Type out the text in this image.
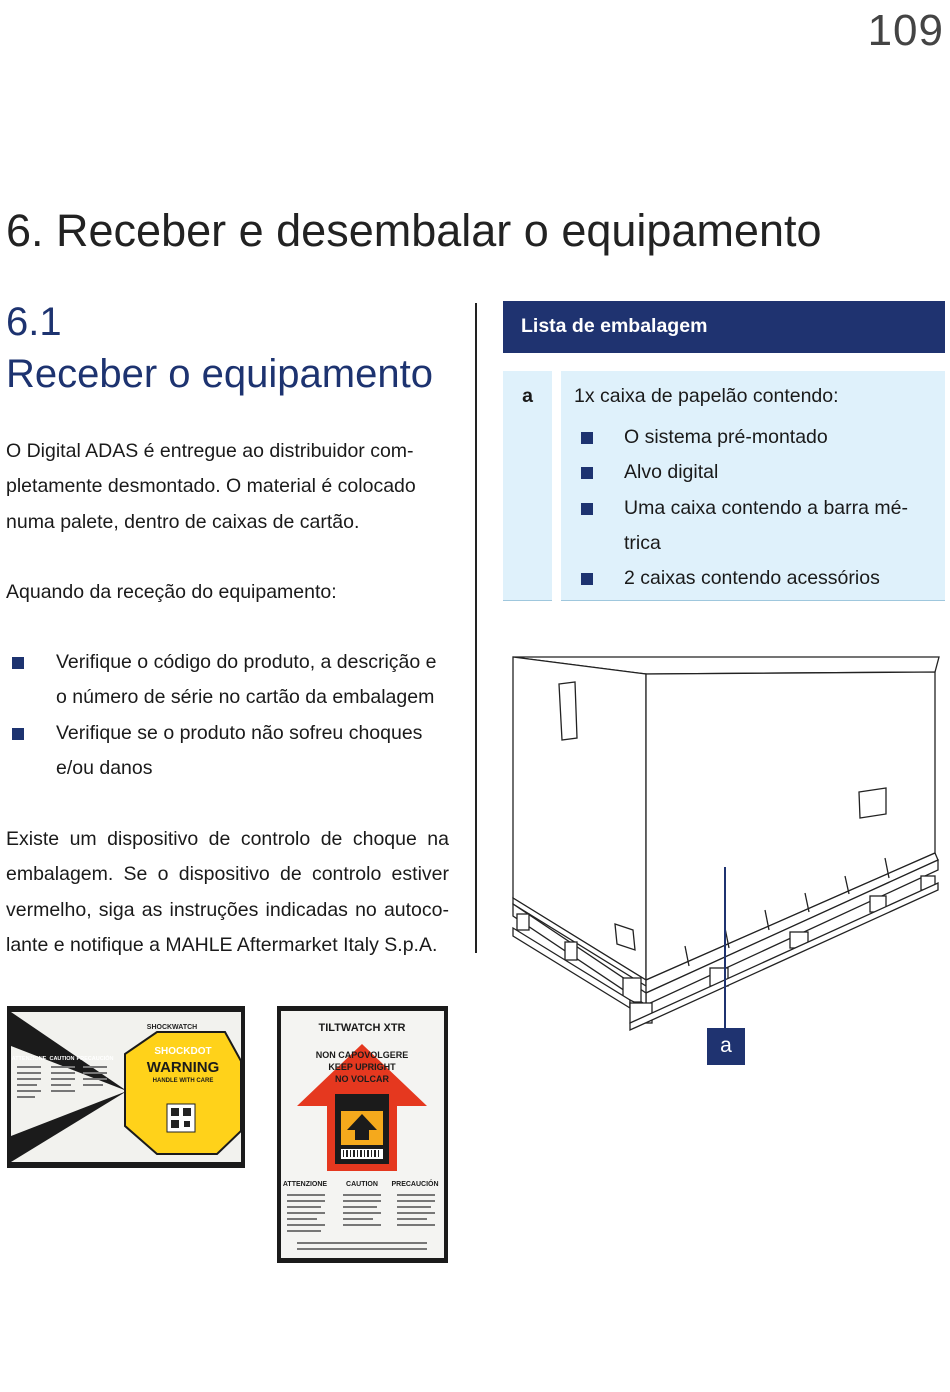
109
6. Receber e desembalar o equipamento
6.1
Receber o equipamento
O Digital ADAS é entregue ao distribuidor completamente desmontado. O material é colocado numa palete, dentro de caixas de cartão.
Aquando da receção do equipamento:
Verifique o código do produto, a descrição e o número de série no cartão da embalagem
Verifique se o produto não sofreu choques e/ou danos
Existe um dispositivo de controlo de choque na embalagem. Se o dispositivo de controlo estiver vermelho, siga as instruções indicadas no autocolante e notifique a MAHLE Aftermarket Italy S.p.A.
Lista de embalagem
a	1x caixa de papelão contendo:
O sistema pré-montado
Alvo digital
Uma caixa contendo a barra métrica
2 caixas contendo acessórios
a
SHOCKWATCH
SHOCKDOT
WARNING
HANDLE WITH CARE
ATTENZIONE CAUTION PRECAUCIÓN
TILTWATCH XTR
NON CAPOVOLGERE
KEEP UPRIGHT
NO VOLCAR
ATTENZIONE	CAUTION PRECAUCIÓN
